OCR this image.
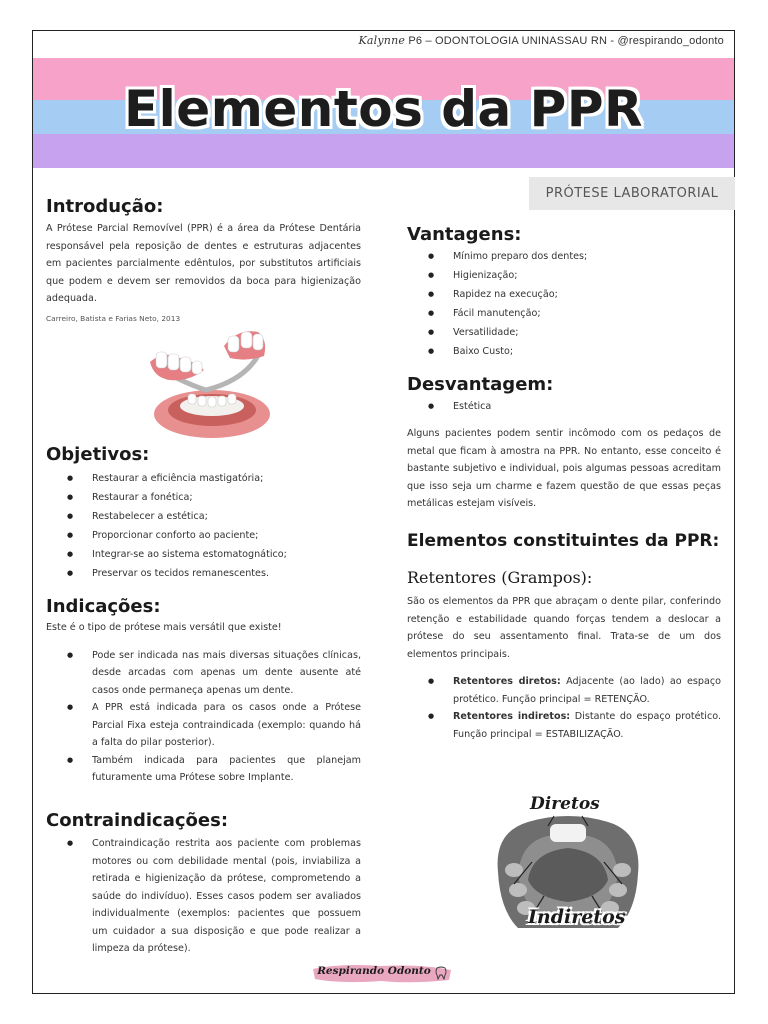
Kalynne P6 – ODONTOLOGIA UNINASSAU RN - @respirando_odonto
Elementos da PPR
PRÓTESE LABORATORIAL
Introdução:

A Prótese Parcial Removível (PPR) é a área da Prótese Dentária responsável pela reposição de dentes e estruturas adjacentes em pacientes parcialmente edêntulos, por substitutos artificiais que podem e devem ser removidos da boca para higienização adequada.

Carreiro, Batista e Farias Neto, 2013

Objetivos:
● Restaurar a eficiência mastigatória;
● Restaurar a fonética;
● Restabelecer a estética;
● Proporcionar conforto ao paciente;
● Integrar-se ao sistema estomatognático;
● Preservar os tecidos remanescentes.
Indicações:

Este é o tipo de prótese mais versátil que existe!

● Pode ser indicada nas mais diversas situações clínicas, desde arcadas com apenas um dente ausente até casos onde permaneça apenas um dente.
● A PPR está indicada para os casos onde a Prótese Parcial Fixa esteja contraindicada (exemplo: quando há a falta do pilar posterior).
● Também indicada para pacientes que planejam futuramente uma Prótese sobre Implante.
Contraindicações:
● Contraindicação restrita aos paciente com problemas motores ou com debilidade mental (pois, inviabiliza a retirada e higienização da prótese, comprometendo a saúde do indivíduo). Esses casos podem ser avaliados individualmente (exemplos: pacientes que possuem um cuidador a sua disposição e que pode realizar a limpeza da prótese).
Vantagens:
● Mínimo preparo dos dentes;
● Higienização;
● Rapidez na execução;
● Fácil manutenção;
● Versatilidade;
● Baixo Custo;
Desvantagem:
● Estética

Alguns pacientes podem sentir incômodo com os pedaços de metal que ficam à amostra na PPR. No entanto, esse conceito é bastante subjetivo e individual, pois algumas pessoas acreditam que isso seja um charme e fazem questão de que essas peças metálicas estejam visíveis.

Elementos constituintes da PPR:
Retentores (Grampos):

São os elementos da PPR que abraçam o dente pilar, conferindo retenção e estabilidade quando forças tendem a deslocar a prótese do seu assentamento final. Trata-se de um dos elementos principais.

● Retentores diretos: Adjacente (ao lado) ao espaço protético. Função principal = RETENÇÃO.
● Retentores indiretos: Distante do espaço protético. Função principal = ESTABILIZAÇÃO.
Diretos
Indiretos
Respirando Odonto
